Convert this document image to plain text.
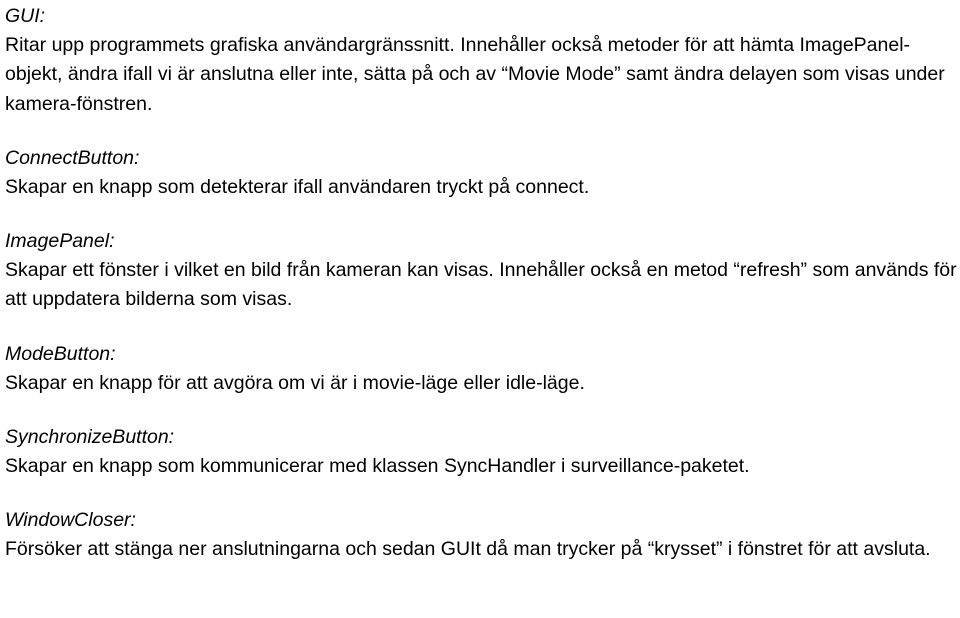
GUI:
Ritar upp programmets grafiska användargränssnitt. Innehåller också metoder för att hämta ImagePanel-objekt, ändra ifall vi är anslutna eller inte, sätta på och av “Movie Mode” samt ändra delayen som visas under kamera-fönstren.
ConnectButton:
Skapar en knapp som detekterar ifall användaren tryckt på connect.
ImagePanel:
Skapar ett fönster i vilket en bild från kameran kan visas. Innehåller också en metod “refresh” som används för att uppdatera bilderna som visas.
ModeButton:
Skapar en knapp för att avgöra om vi är i movie-läge eller idle-läge.
SynchronizeButton:
Skapar en knapp som kommunicerar med klassen SyncHandler i surveillance-paketet.
WindowCloser:
Försöker att stänga ner anslutningarna och sedan GUIt då man trycker på “krysset” i fönstret för att avsluta.
